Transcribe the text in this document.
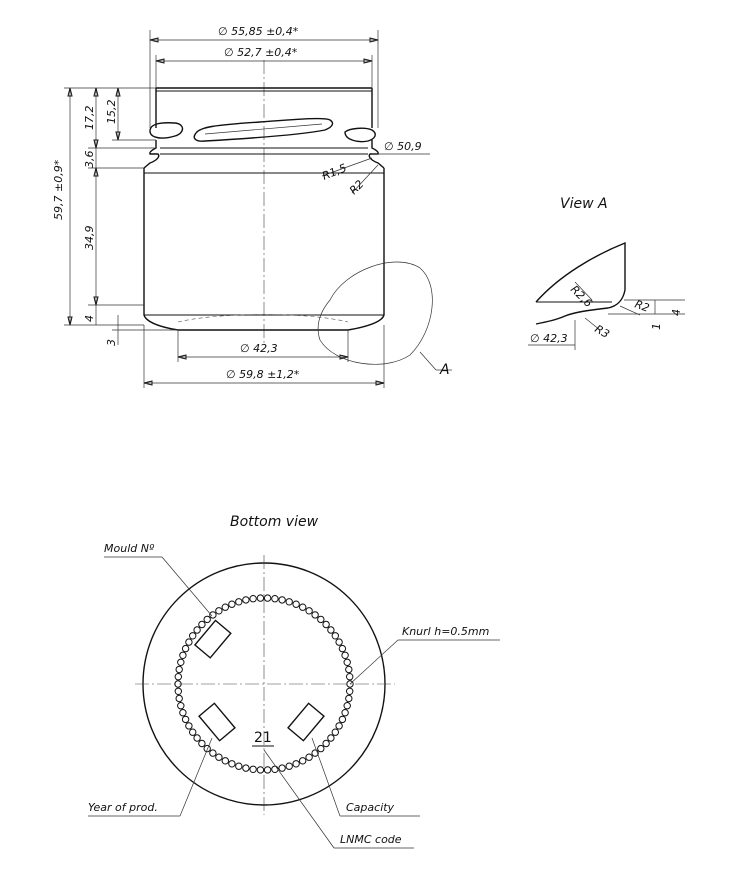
∅ 55,85 ±0,4*
∅ 52,7 ±0,4*
∅ 50,9
R1,5
R2
59,7 ±0,9*
17,2 15,2
3,6
34,9
4
3	∅ 42,3
∅ 59,8 ±1,2*	A
View A
4
1
R2,6	R2
R3
∅ 42,3
Bottom view
21
Mould Nº
Knurl h=0.5mm
Year of prod.	Capacity
LNMC code
